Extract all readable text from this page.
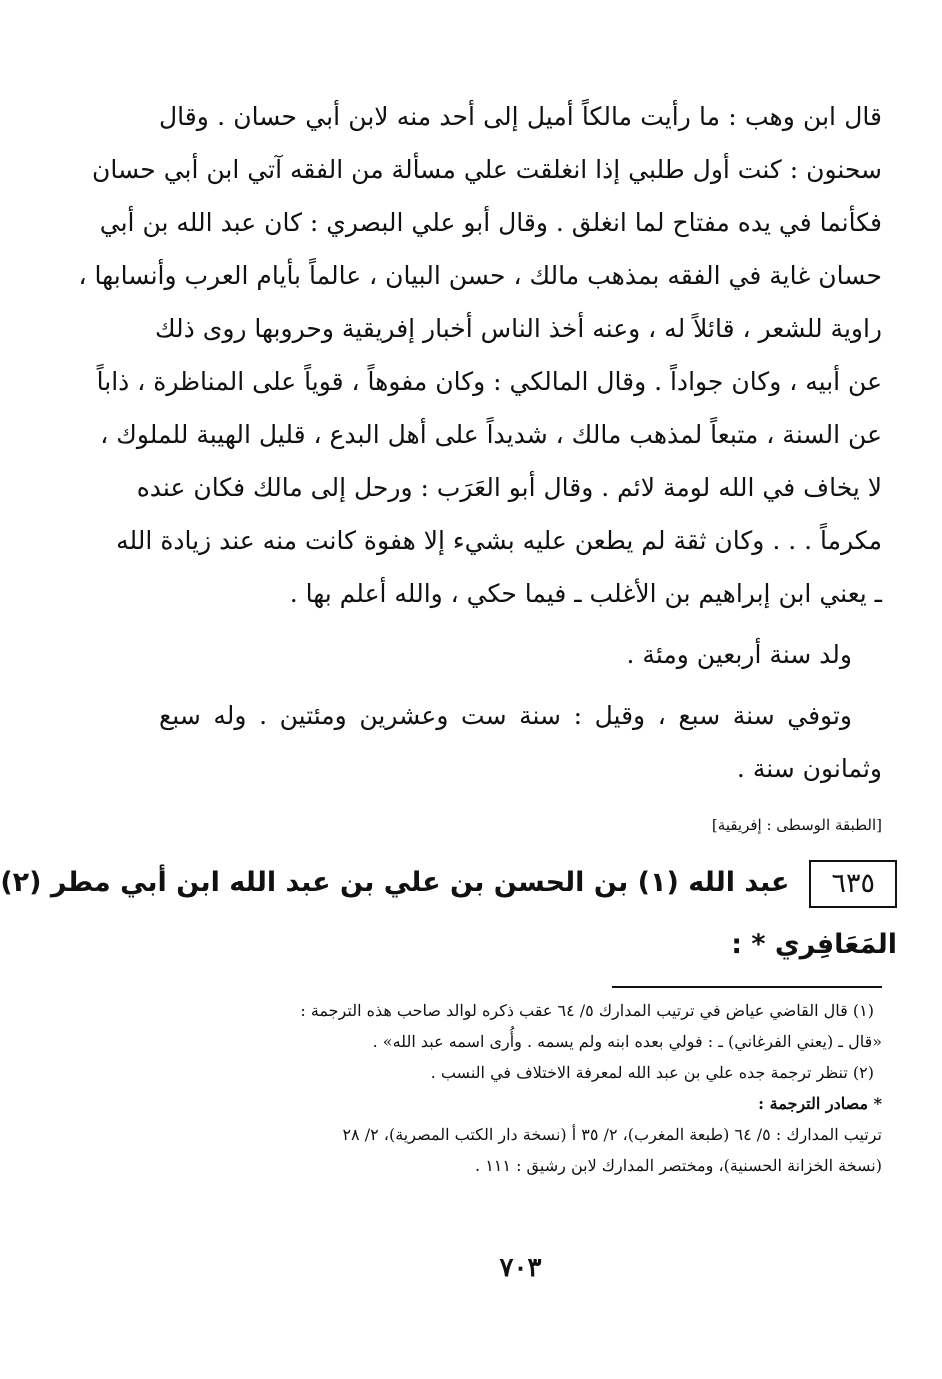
قال ابن وهب : ما رأيت مالكاً أميل إلى أحد منه لابن أبي حسان . وقال
سحنون : كنت أول طلبي إذا انغلقت علي مسألة من الفقه آتي ابن أبي حسان
فكأنما في يده مفتاح لما انغلق . وقال أبو علي البصري : كان عبد الله بن أبي
حسان غاية في الفقه بمذهب مالك ، حسن البيان ، عالماً بأيام العرب وأنسابها ،
راوية للشعر ، قائلاً له ، وعنه أخذ الناس أخبار إفريقية وحروبها روى ذلك
عن أبيه ، وكان جواداً . وقال المالكي : وكان مفوهاً ، قوياً على المناظرة ، ذاباً
عن السنة ، متبعاً لمذهب مالك ، شديداً على أهل البدع ، قليل الهيبة للملوك ،
لا يخاف في الله لومة لائم . وقال أبو العَرَب : ورحل إلى مالك فكان عنده
مكرماً . . . وكان ثقة لم يطعن عليه بشيء إلا هفوة كانت منه عند زيادة الله
ـ يعني ابن إبراهيم بن الأغلب ـ فيما حكي ، والله أعلم بها .
ولد سنة أربعين ومئة .
وتوفي سنة سبع ، وقيل : سنة ست وعشرين ومئتين . وله سبع
وثمانون سنة .
[الطبقة الوسطى : إفريقية]
٦٣٥عبد الله (١) بن الحسن بن علي بن عبد الله ابن أبي مطر (٢)
المَعَافِري * :
(١) قال القاضي عياض في ترتيب المدارك ٥/ ٦٤ عقب ذكره لوالد صاحب هذه الترجمة :
«قال ـ (يعني الفرغاني) ـ : فولي بعده ابنه ولم يسمه . وأُرى اسمه عبد الله» .
(٢) تنظر ترجمة جده علي بن عبد الله لمعرفة الاختلاف في النسب .
* مصادر الترجمة :
ترتيب المدارك : ٥/ ٦٤ (طبعة المغرب)، ٢/ ٣٥ أ (نسخة دار الكتب المصرية)، ٢/ ٢٨
(نسخة الخزانة الحسنية)، ومختصر المدارك لابن رشيق : ١١١ .
٧٠٣
